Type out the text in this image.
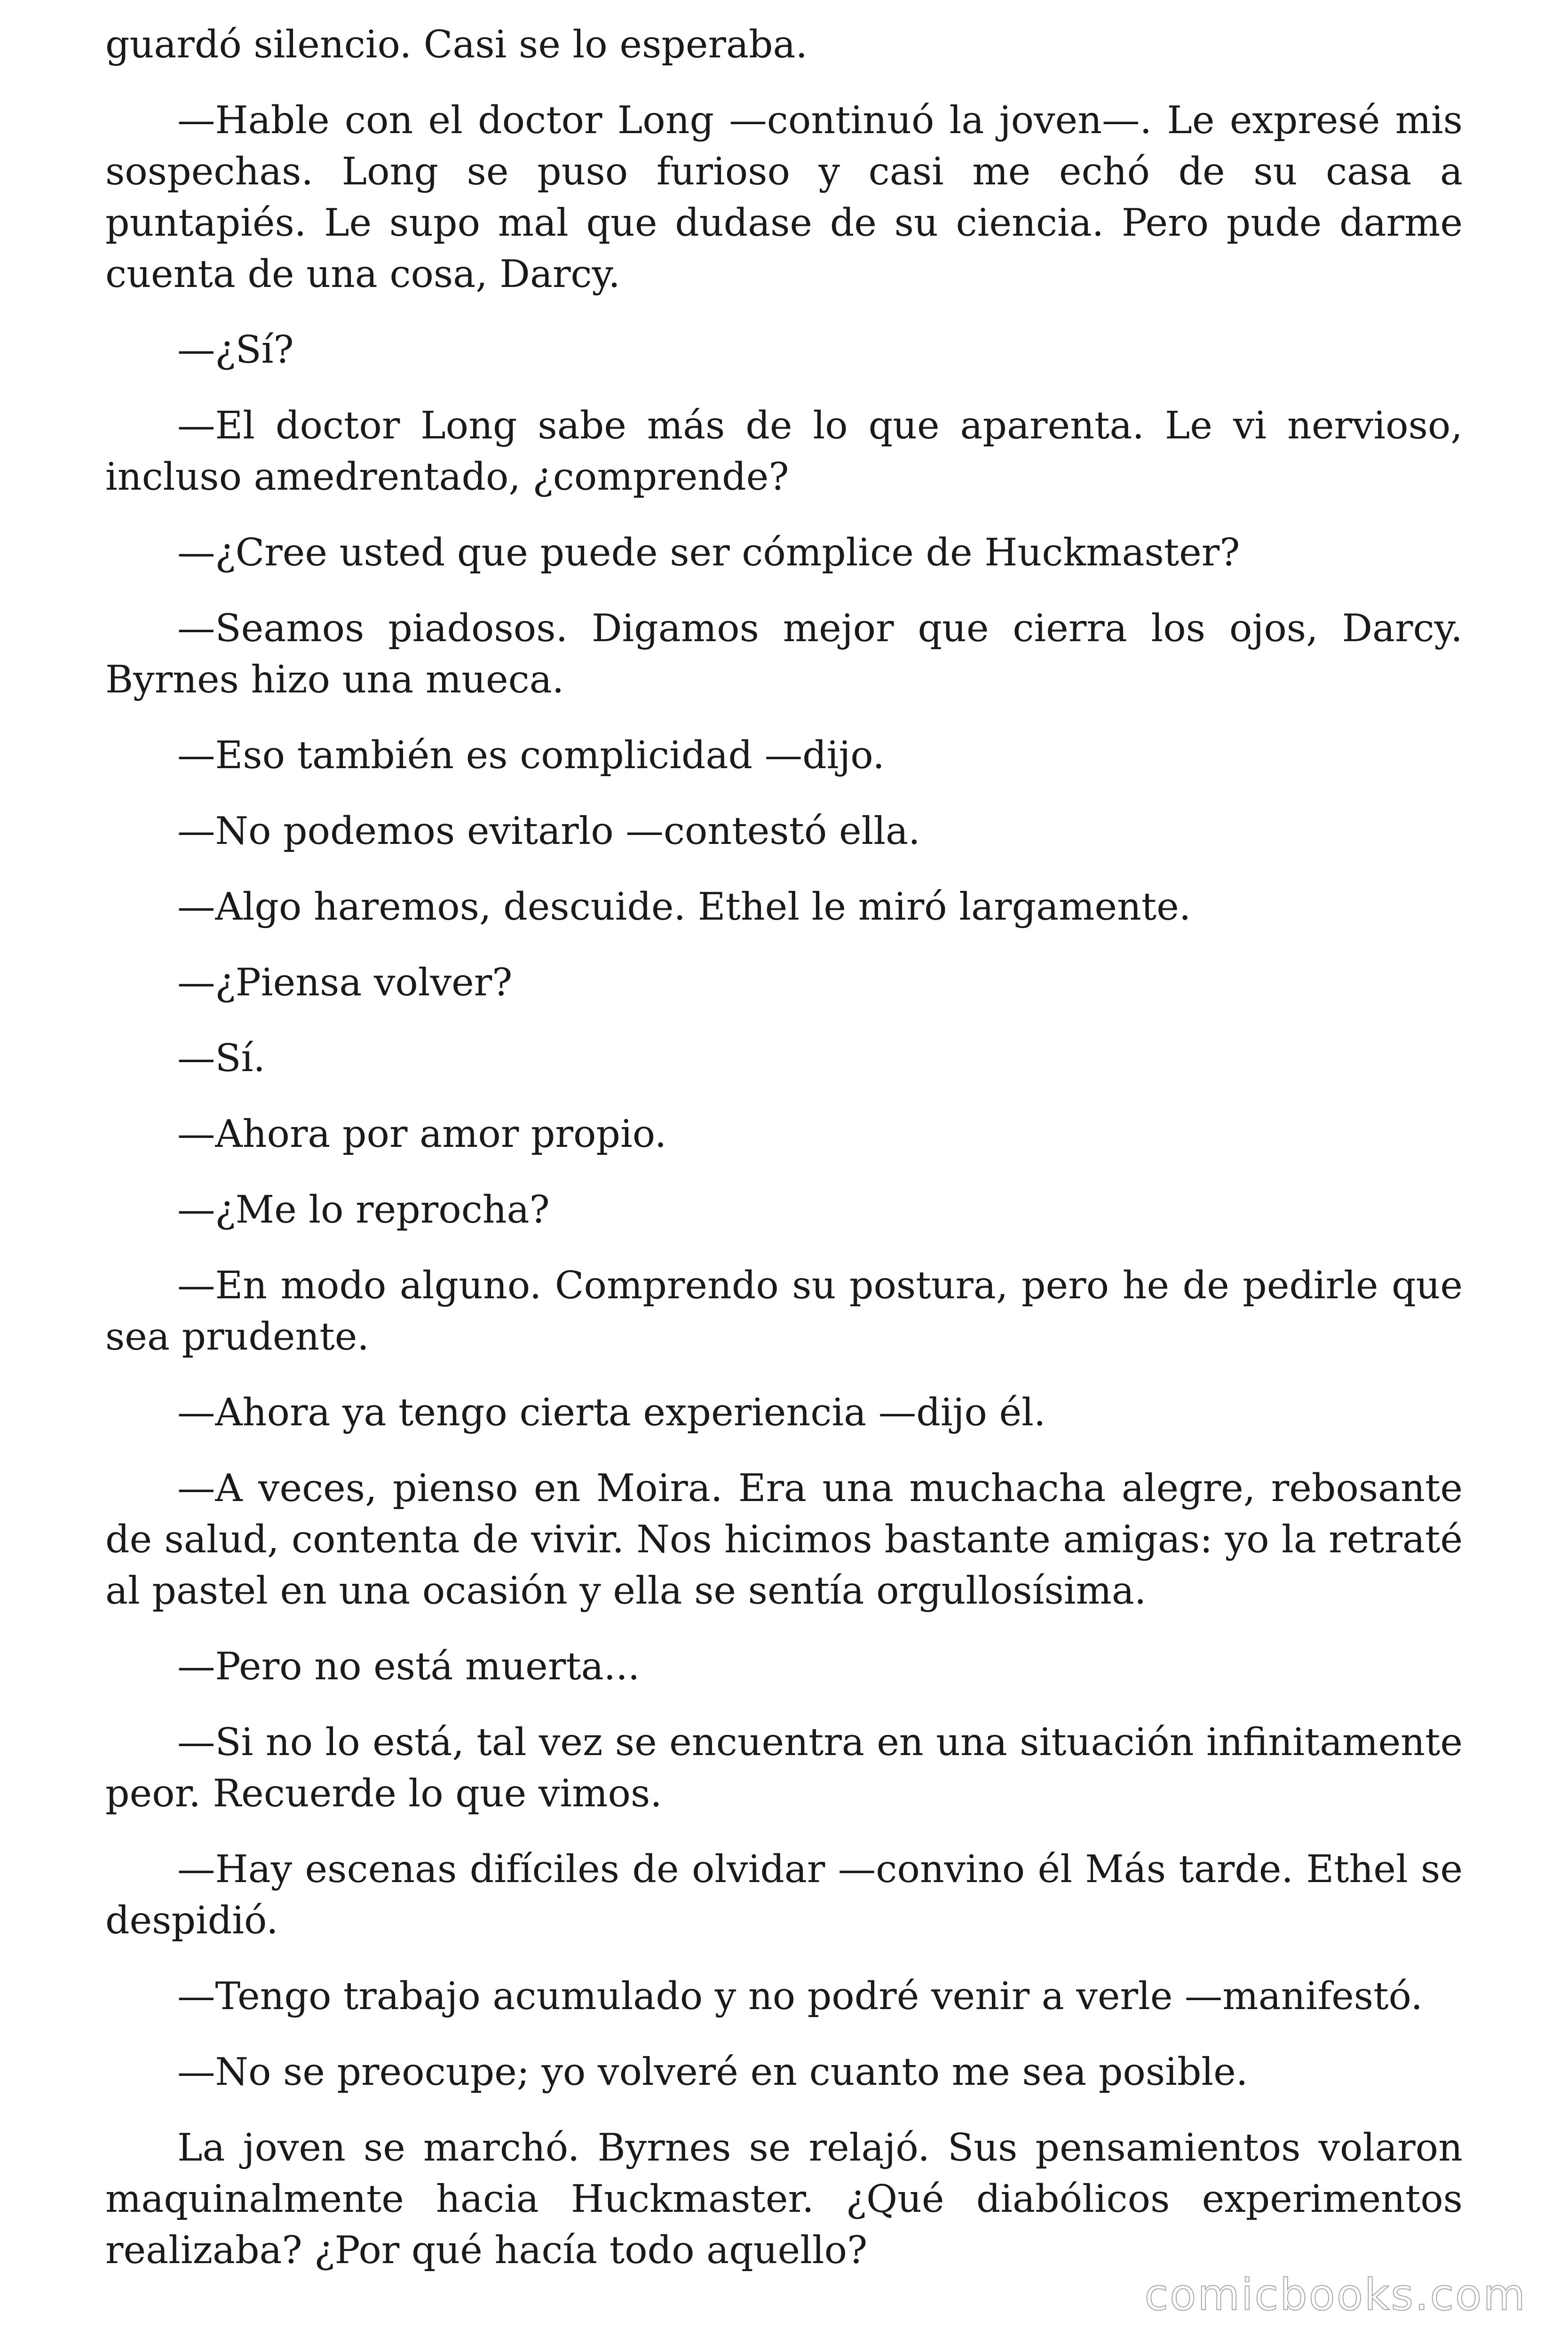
guardó silencio. Casi se lo esperaba.

—Hable con el doctor Long —continuó la joven—. Le expresé mis sospechas. Long se puso furioso y casi me echó de su casa a puntapiés. Le supo mal que dudase de su ciencia. Pero pude darme cuenta de una cosa, Darcy.

—¿Sí?

—El doctor Long sabe más de lo que aparenta. Le vi nervioso, incluso amedrentado, ¿comprende?

—¿Cree usted que puede ser cómplice de Huckmaster?

—Seamos piadosos. Digamos mejor que cierra los ojos, Darcy. Byrnes hizo una mueca.

—Eso también es complicidad —dijo.

—No podemos evitarlo —contestó ella.

—Algo haremos, descuide. Ethel le miró largamente.

—¿Piensa volver?

—Sí.

—Ahora por amor propio.

—¿Me lo reprocha?

—En modo alguno. Comprendo su postura, pero he de pedirle que sea prudente.

—Ahora ya tengo cierta experiencia —dijo él.

—A veces, pienso en Moira. Era una muchacha alegre, rebosante de salud, contenta de vivir. Nos hicimos bastante amigas: yo la retraté al pastel en una ocasión y ella se sentía orgullosísima.

—Pero no está muerta...

—Si no lo está, tal vez se encuentra en una situación infinitamente peor. Recuerde lo que vimos.

—Hay escenas difíciles de olvidar —convino él Más tarde. Ethel se despidió.

—Tengo trabajo acumulado y no podré venir a verle —manifestó.

—No se preocupe; yo volveré en cuanto me sea posible.

La joven se marchó. Byrnes se relajó. Sus pensamientos volaron maquinalmente hacia Huckmaster. ¿Qué diabólicos experimentos realizaba? ¿Por qué hacía todo aquello?

comicbooks.com
